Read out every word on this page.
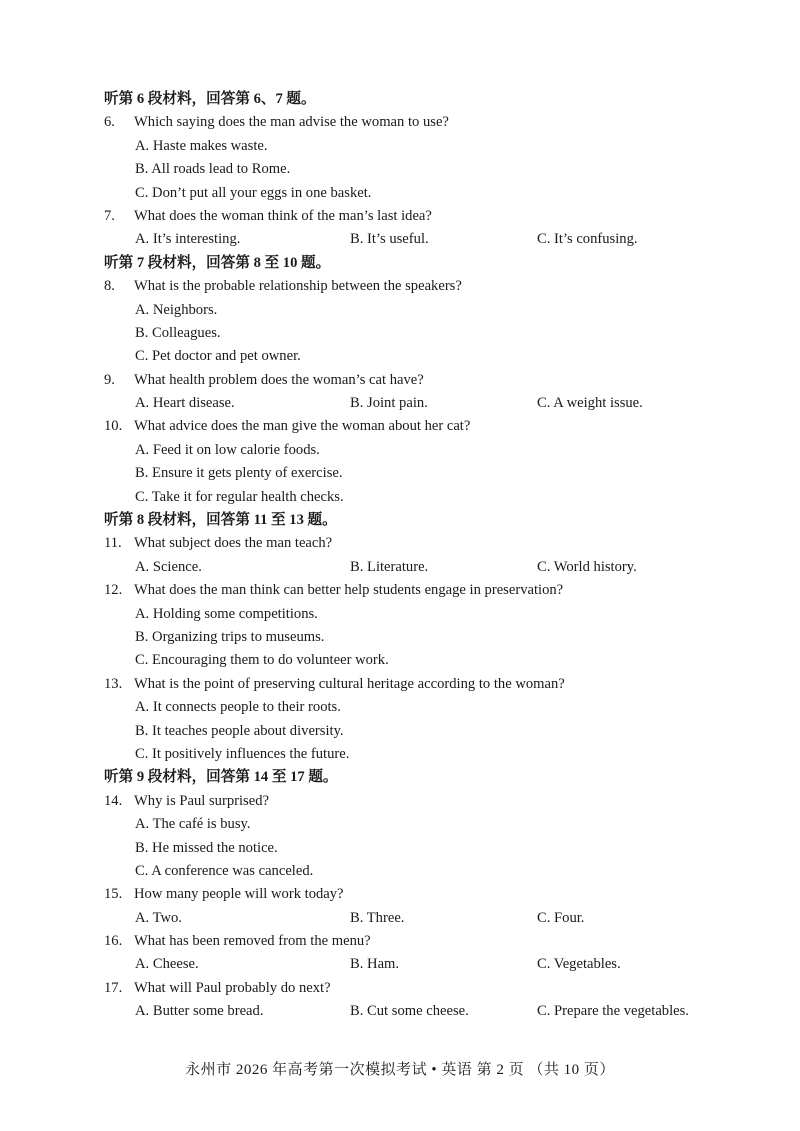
听第 6 段材料，回答第 6、7 题。
6.	Which saying does the man advise the woman to use?
A. Haste makes waste.
B. All roads lead to Rome.
C. Don’t put all your eggs in one basket.
7.	What does the woman think of the man’s last idea?
A. It’s interesting.	B. It’s useful.	C. It’s confusing.
听第 7 段材料，回答第 8 至 10 题。
8.	What is the probable relationship between the speakers?
A. Neighbors.
B. Colleagues.
C. Pet doctor and pet owner.
9.	What health problem does the woman’s cat have?
A. Heart disease.	B. Joint pain.	C. A weight issue.
10. What advice does the man give the woman about her cat?
A. Feed it on low calorie foods.
B. Ensure it gets plenty of exercise.
C. Take it for regular health checks.
听第 8 段材料，回答第 11 至 13 题。
11. What subject does the man teach?
A. Science.	B. Literature.	C. World history.
12. What does the man think can better help students engage in preservation?
A. Holding some competitions.
B. Organizing trips to museums.
C. Encouraging them to do volunteer work.
13. What is the point of preserving cultural heritage according to the woman?
A. It connects people to their roots.
B. It teaches people about diversity.
C. It positively influences the future.
听第 9 段材料，回答第 14 至 17 题。
14. Why is Paul surprised?
A. The café is busy.
B. He missed the notice.
C. A conference was canceled.
15. How many people will work today?
A. Two.	B. Three.	C. Four.
16. What has been removed from the menu?
A. Cheese.	B. Ham.	C. Vegetables.
17. What will Paul probably do next?
A. Butter some bread.	B. Cut some cheese.	C. Prepare the vegetables.
永州市 2026 年高考第一次模拟考试 • 英语 第 2 页 （共 10 页）
